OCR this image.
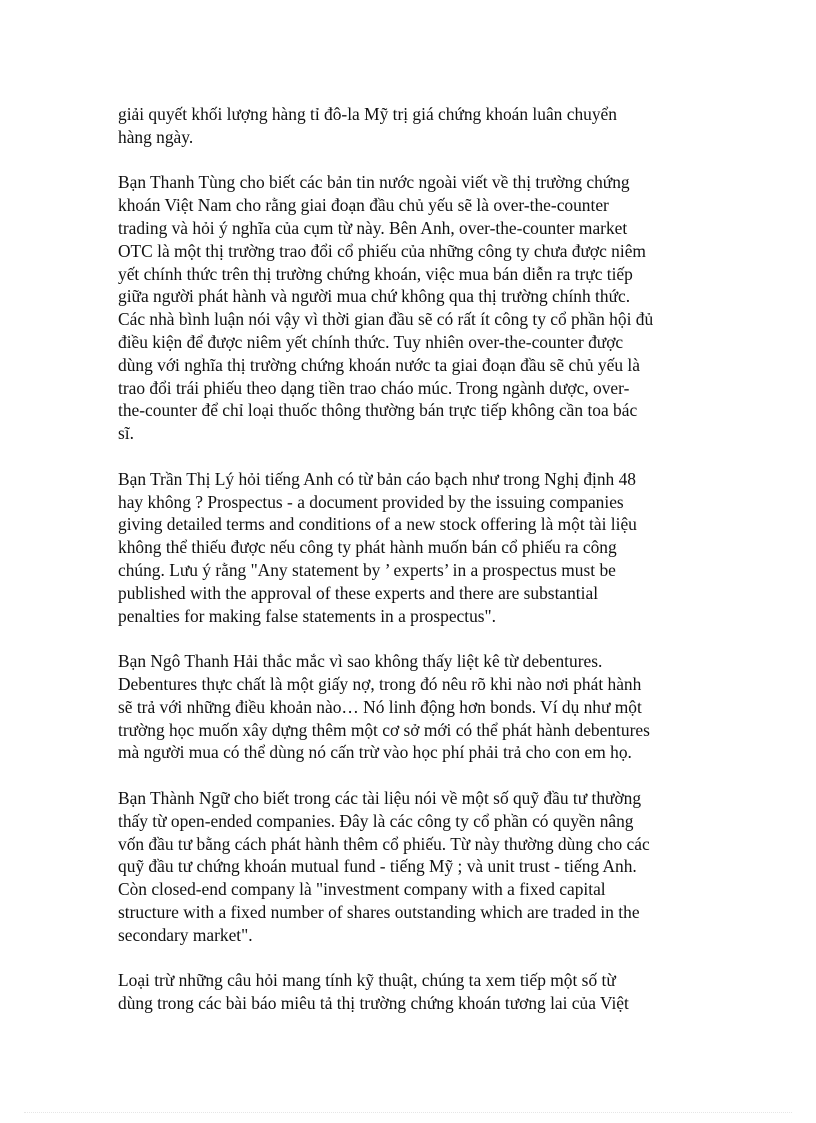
giải quyết khối lượng hàng tỉ đô-la Mỹ trị giá chứng khoán luân chuyển
hàng ngày.

Bạn Thanh Tùng cho biết các bản tin nước ngoài viết về thị trường chứng
khoán Việt Nam cho rằng giai đoạn đầu chủ yếu sẽ là over-the-counter
trading và hỏi ý nghĩa của cụm từ này. Bên Anh, over-the-counter market
OTC là một thị trường trao đổi cổ phiếu của những công ty chưa được niêm
yết chính thức trên thị trường chứng khoán, việc mua bán diễn ra trực tiếp
giữa người phát hành và người mua chứ không qua thị trường chính thức.
Các nhà bình luận nói vậy vì thời gian đầu sẽ có rất ít công ty cổ phần hội đủ
điều kiện để được niêm yết chính thức. Tuy nhiên over-the-counter được
dùng với nghĩa thị trường chứng khoán nước ta giai đoạn đầu sẽ chủ yếu là
trao đổi trái phiếu theo dạng tiền trao cháo múc. Trong ngành dược, over-
the-counter để chỉ loại thuốc thông thường bán trực tiếp không cần toa bác
sĩ.

Bạn Trần Thị Lý hỏi tiếng Anh có từ bản cáo bạch như trong Nghị định 48
hay không ? Prospectus - a document provided by the issuing companies
giving detailed terms and conditions of a new stock offering là một tài liệu
không thể thiếu được nếu công ty phát hành muốn bán cổ phiếu ra công
chúng. Lưu ý rằng "Any statement by ’ experts’ in a prospectus must be
published with the approval of these experts and there are substantial
penalties for making false statements in a prospectus".

Bạn Ngô Thanh Hải thắc mắc vì sao không thấy liệt kê từ debentures.
Debentures thực chất là một giấy nợ, trong đó nêu rõ khi nào nơi phát hành
sẽ trả với những điều khoản nào… Nó linh động hơn bonds. Ví dụ như một
trường học muốn xây dựng thêm một cơ sở mới có thể phát hành debentures
mà người mua có thể dùng nó cấn trừ vào học phí phải trả cho con em họ.

Bạn Thành Ngữ cho biết trong các tài liệu nói về một số quỹ đầu tư thường
thấy từ open-ended companies. Đây là các công ty cổ phần có quyền nâng
vốn đầu tư bằng cách phát hành thêm cổ phiếu. Từ này thường dùng cho các
quỹ đầu tư chứng khoán mutual fund - tiếng Mỹ ; và unit trust - tiếng Anh.
Còn closed-end company là "investment company with a fixed capital
structure with a fixed number of shares outstanding which are traded in the
secondary market".

Loại trừ những câu hỏi mang tính kỹ thuật, chúng ta xem tiếp một số từ
dùng trong các bài báo miêu tả thị trường chứng khoán tương lai của Việt
